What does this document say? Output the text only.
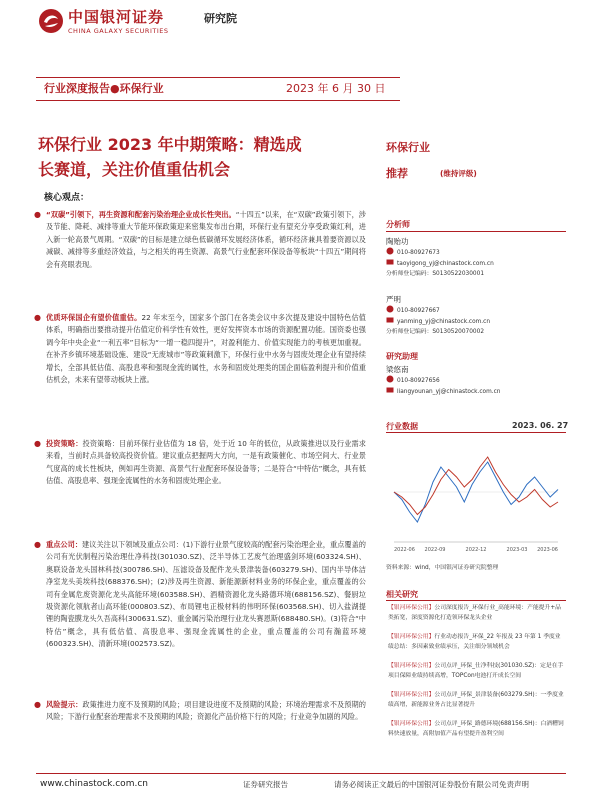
中国银河证券
CHINA GALAXY SECURITIES
研究院
行业深度报告●环保行业	2023 年 6 月 30 日
环保行业 2023 年中期策略：精选成
长赛道，关注价值重估机会
核心观点：
● “双碳”引领下，再生资源和配套污染治理企业成长性突出。“十四五”以来，在“双碳”政策引领下，涉及节能、降耗、减排等重大节能环保政策迎来密集发布出台期，环保行业有望充分享受政策红利，进入新一轮高景气周期。“双碳”的目标是建立绿色低碳循环发展经济体系，循环经济兼具着要资源以及减碳、减排等多重经济效益，与之相关的再生资源、高景气行业配套环保设备等板块“十四五”期间将会有亮眼表现。
● 优质环保国企有望价值重估。22 年末至今，国家多个部门在各类会议中多次提及建设中国特色估值体系，明确指出要推动提升估值定价科学性有效性，更好发挥资本市场的资源配置功能。国资委也强调今年中央企业“一利五率”目标为“一增一稳四提升”，对盈利能力、价值实现能力的考核更加重视。在补齐乡镇环境基础设施、建设“无废城市”等政策刺激下，环保行业中水务与固废处理企业有望持续增长，全部具低估值、高股息率和强现金流的属性，水务和固废处理类的国企面临盈利提升和价值重估机会，未来有望带动板块上涨。
● 投资策略：投资策略：目前环保行业估值为 18 倍，处于近 10 年的低位，从政策推进以及行业需求来看，当前时点具备较高投资价值。建议重点把握两大方向，一是有政策催化、市场空间大、行业景气度高的成长性板块，例如再生资源、高景气行业配套环保设备等；二是符合“中特估”概念，具有低估值、高股息率、强现金流属性的水务和固废处理企业。
● 重点公司：建议关注以下领域及重点公司：(1)下游行业景气度较高的配套污染治理企业，重点覆盖的公司有光伏制程污染治理仕净科技(301030.SZ)、泛半导体工艺废气治理盛剑环境(603324.SH)、奥联设备龙头国林科技(300786.SH)、压滤设备及配件龙头景津装备(603279.SH)、国内半导体洁净室龙头美埃科技(688376.SH)；(2)涉及再生资源、新能源新材料业务的环保企业，重点覆盖的公司有金属危废资源化龙头高能环境(603588.SH)、酒精资源化龙头路德环境(688156.SZ)、餐厨垃圾资源化领航者山高环能(000803.SZ)、布局锂电正极材料的伟明环保(603568.SH)、切入盐湖提锂的陶瓷膜龙头久吾高科(300631.SZ)、重金属污染治理行业龙头赛恩斯(688480.SH)。(3)符合“中特估”概念，具有低估值、高股息率、强现金流属性的企业，重点覆盖的公司有瀚蓝环境(600323.SH)、清新环境(002573.SZ)。
● 风险提示：政策推进力度不及预期的风险；项目建设进度不及预期的风险；环境治理需求不及预期的风险；下游行业配套治理需求不及预期的风险；资源化产品价格下行的风险；行业竞争加剧的风险。
环保行业
推荐	(维持评级)
分析师
陶贻功
010-80927673
taoyigong_yj@chinastock.com.cn
分析师登记编码：S0130522030001
严明
010-80927667
yanming_yj@chinastock.com.cn
分析师登记编码：S0130520070002
研究助理
梁悠南
010-80927656
liangyounan_yj@chinastock.com.cn
行业数据	2023. 06. 27
2022-06 2022-09	2022-12	2023-03 2023-06
资料来源：wind，中国银河证券研究院整理
相关研究
【银河环保公用】公司深度报告_环保行业_高能环境：产能提升+品类拓宽，深度资源化打造领环保龙头企业
【银河环保公用】行业动态报告_环保_22 年报及 23 年第 1 季度业绩总结：多因素致业绩承压，关注细分领域机会
【银河环保公用】公司点评_环保_仕净科技(301030.SZ)：定是在手项目保障业绩持续高增，TOPCon电池打开成长空间
【银河环保公用】公司点评_环保_景津装备(603279.SH)：一季度业绩高增，新能源业务占比显著提升
【银河环保公用】公司点评_环保_路德环境(688156.SH)：白酒糟饲料快速放量，高附加值产品有望提升盈利空间
www.chinastock.com.cn	证券研究报告	请务必阅读正文最后的中国银河证券股份有限公司免责声明
